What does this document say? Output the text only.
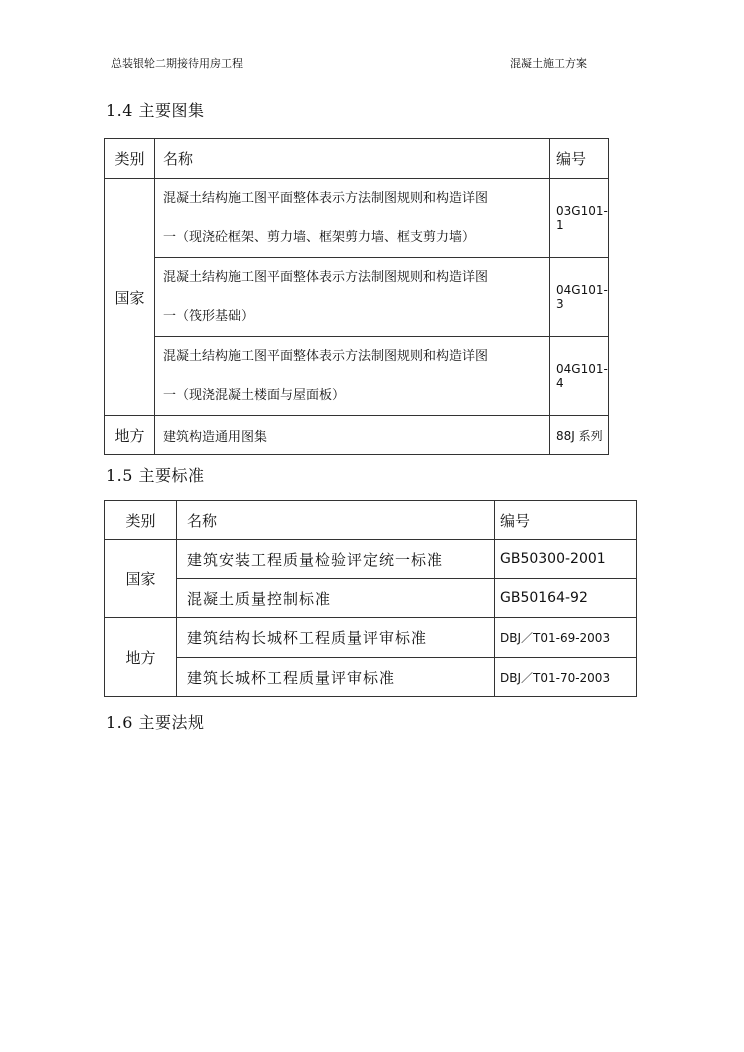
总装银轮二期接待用房工程	混凝土施工方案
1.4 主要图集
类别	名称	编号
国家	混凝土结构施工图平面整体表示方法制图规则和构造详图
一（现浇砼框架、剪力墙、框架剪力墙、框支剪力墙）	03G101-1

	混凝土结构施工图平面整体表示方法制图规则和构造详图
一（筏形基础）	04G101-3

	混凝土结构施工图平面整体表示方法制图规则和构造详图
一（现浇混凝土楼面与屋面板）	04G101-4
地方	建筑构造通用图集	88J 系列
1.5 主要标准
类别	名称	编号
国家	建筑安装工程质量检验评定统一标准	GB50300-2001
	混凝土质量控制标准	GB50164-92
地方	建筑结构长城杯工程质量评审标准	DBJ／T01-69-2003
	建筑长城杯工程质量评审标准	DBJ／T01-70-2003
1.6 主要法规
